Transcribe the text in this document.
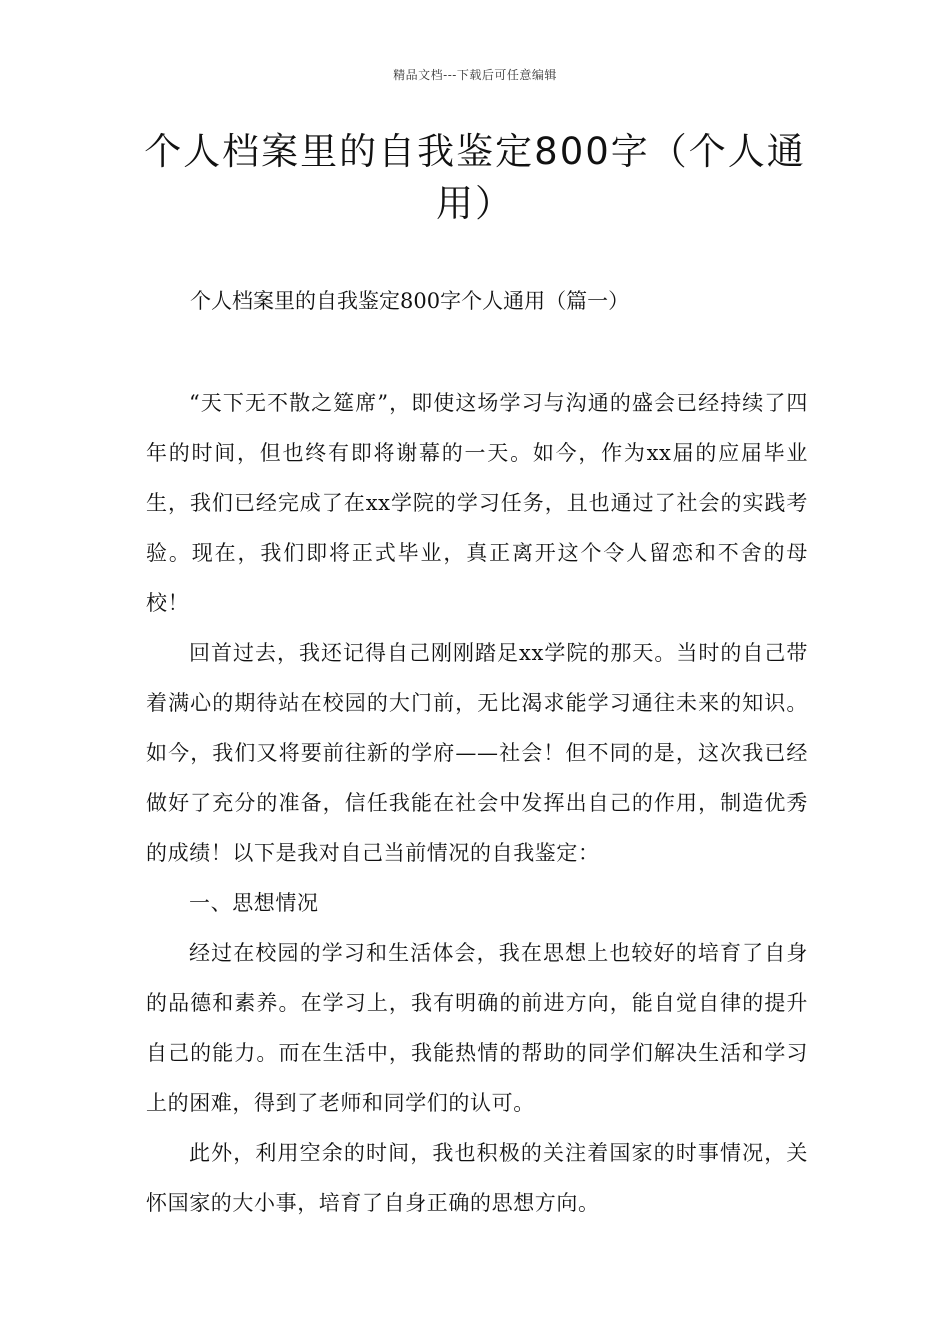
精品文档---下载后可任意编辑
个人档案里的自我鉴定800字（个人通用）
个人档案里的自我鉴定800字个人通用（篇一）

“天下无不散之筵席”，即使这场学习与沟通的盛会已经持续了四年的时间，但也终有即将谢幕的一天。如今，作为xx届的应届毕业生，我们已经完成了在xx学院的学习任务，且也通过了社会的实践考验。现在，我们即将正式毕业，真正离开这个令人留恋和不舍的母校！

回首过去，我还记得自己刚刚踏足xx学院的那天。当时的自己带着满心的期待站在校园的大门前，无比渴求能学习通往未来的知识。如今，我们又将要前往新的学府——社会！但不同的是，这次我已经做好了充分的准备，信任我能在社会中发挥出自己的作用，制造优秀的成绩！以下是我对自己当前情况的自我鉴定：

一、思想情况

经过在校园的学习和生活体会，我在思想上也较好的培育了自身的品德和素养。在学习上，我有明确的前进方向，能自觉自律的提升自己的能力。而在生活中，我能热情的帮助的同学们解决生活和学习上的困难，得到了老师和同学们的认可。

此外，利用空余的时间，我也积极的关注着国家的时事情况，关怀国家的大小事，培育了自身正确的思想方向。
